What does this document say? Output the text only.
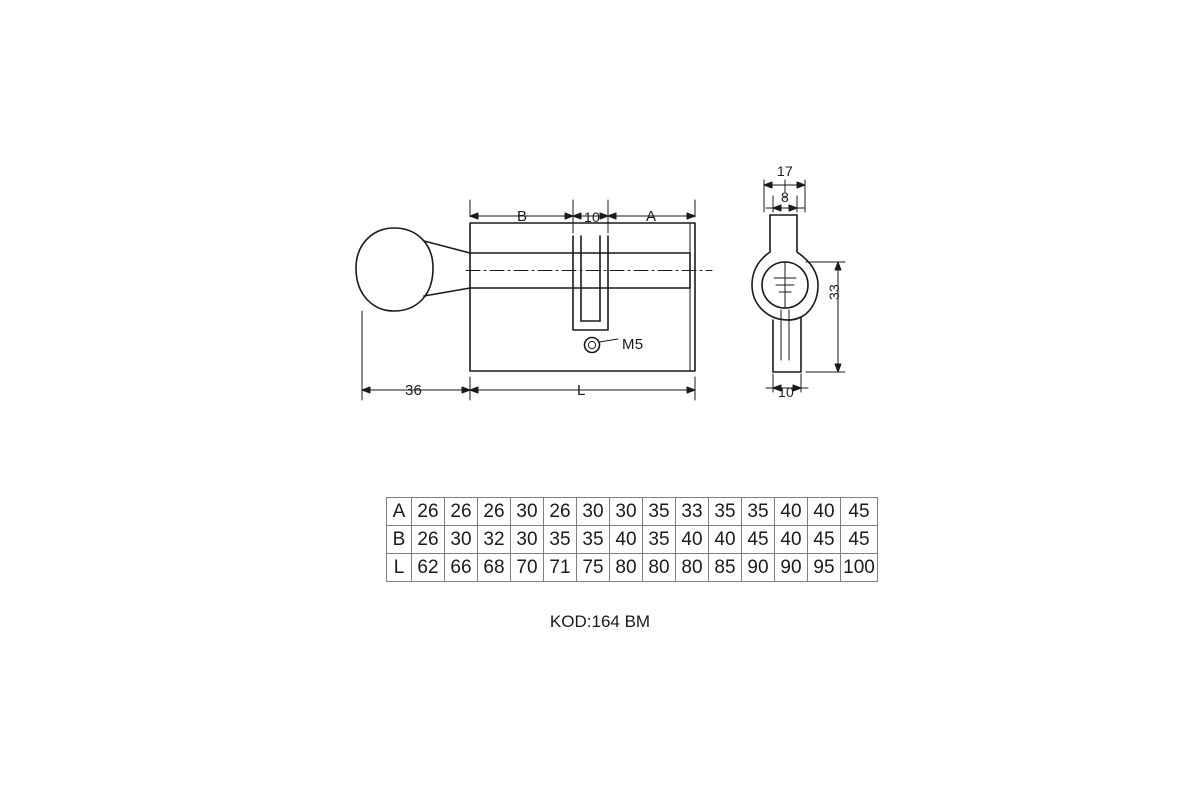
B	10	A
M5
36	L
17
8
33
10
A	26	26	26	30	26	30	30	35	33	35	35	40	40	45
B	26	30	32	30	35	35	40	35	40	40	45	40	45	45
L	62	66	68	70	71	75	80	80	80	85	90	90	95	100
KOD:164 BM
